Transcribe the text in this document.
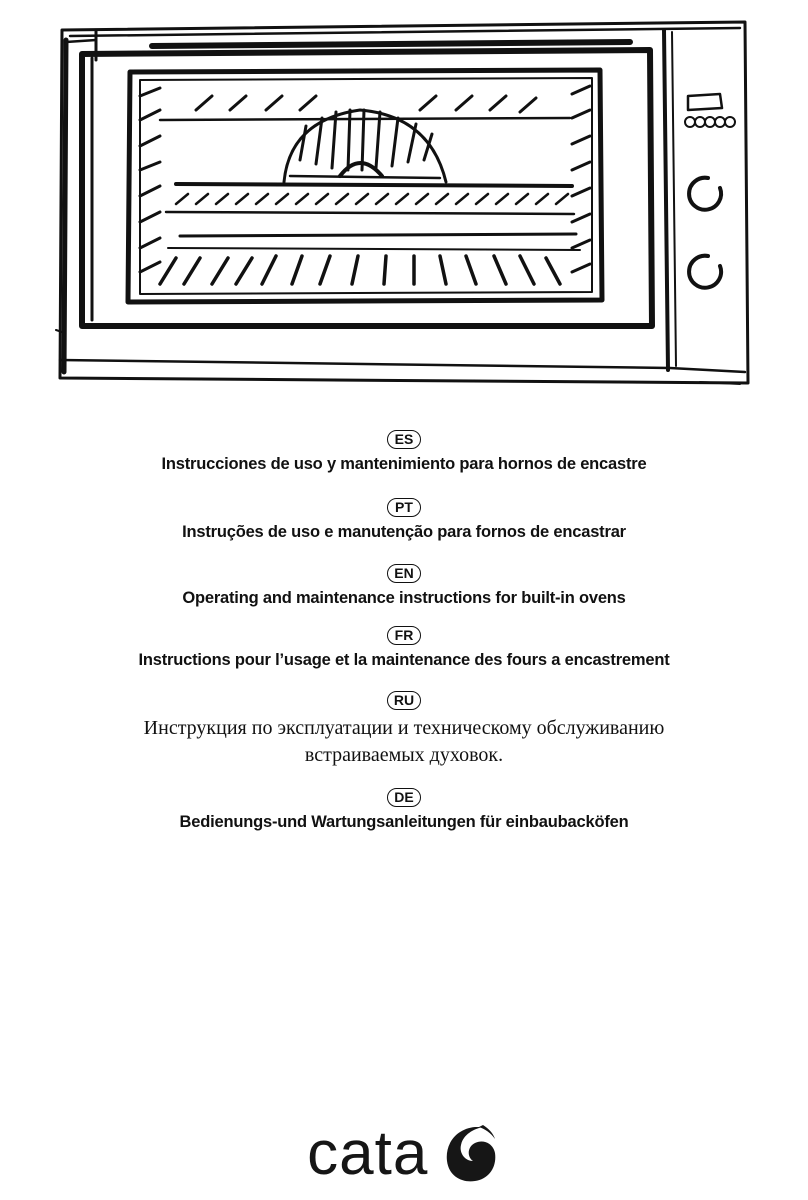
ES
Instrucciones de uso y mantenimiento para hornos de encastre
PT
Instruções de uso e manutenção para fornos de encastrar
EN
Operating and maintenance instructions for built-in ovens
FR
Instructions pour l’usage et la maintenance des fours a encastrement
RU
Инструкция по эксплуатации и техническому обслуживанию
встраиваемых духовок.
DE
Bedienungs-und Wartungsanleitungen für einbaubacköfen
cata
